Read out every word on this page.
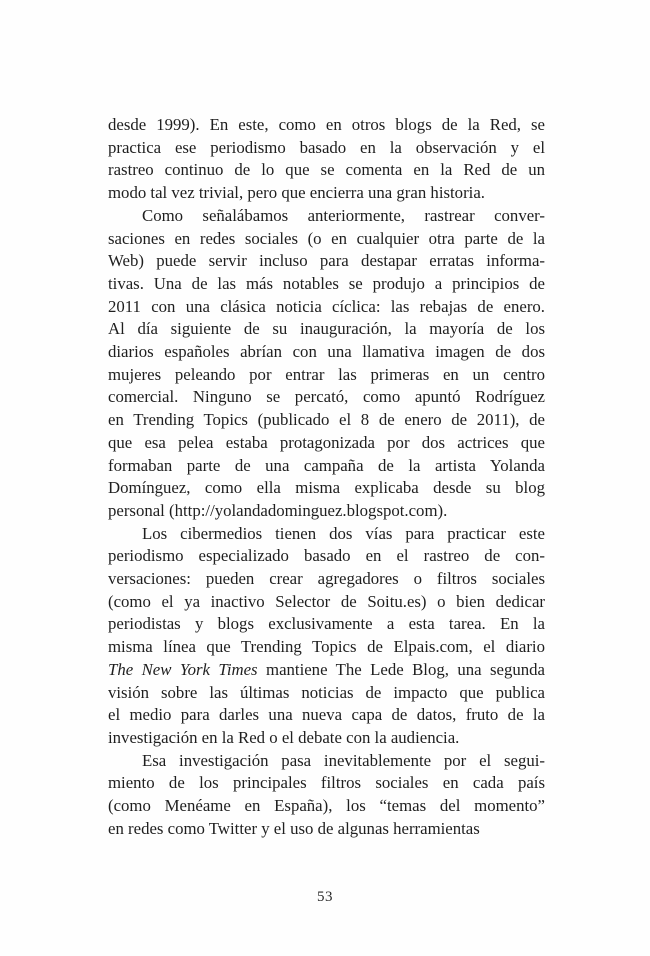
desde 1999). En este, como en otros blogs de la Red, se
practica ese periodismo basado en la observación y el
rastreo continuo de lo que se comenta en la Red de un
modo tal vez trivial, pero que encierra una gran historia.
Como señalábamos anteriormente, rastrear conver-
saciones en redes sociales (o en cualquier otra parte de la
Web) puede servir incluso para destapar erratas informa-
tivas. Una de las más notables se produjo a principios de
2011 con una clásica noticia cíclica: las rebajas de enero.
Al día siguiente de su inauguración, la mayoría de los
diarios españoles abrían con una llamativa imagen de dos
mujeres peleando por entrar las primeras en un centro
comercial. Ninguno se percató, como apuntó Rodríguez
en Trending Topics (publicado el 8 de enero de 2011), de
que esa pelea estaba protagonizada por dos actrices que
formaban parte de una campaña de la artista Yolanda
Domínguez, como ella misma explicaba desde su blog
personal (http://yolandadominguez.blogspot.com).
Los cibermedios tienen dos vías para practicar este
periodismo especializado basado en el rastreo de con-
versaciones: pueden crear agregadores o filtros sociales
(como el ya inactivo Selector de Soitu.es) o bien dedicar
periodistas y blogs exclusivamente a esta tarea. En la
misma línea que Trending Topics de Elpais.com, el diario
The New York Times mantiene The Lede Blog, una segunda
visión sobre las últimas noticias de impacto que publica
el medio para darles una nueva capa de datos, fruto de la
investigación en la Red o el debate con la audiencia.
Esa investigación pasa inevitablemente por el segui-
miento de los principales filtros sociales en cada país
(como Menéame en España), los “temas del momento”
en redes como Twitter y el uso de algunas herramientas
53
